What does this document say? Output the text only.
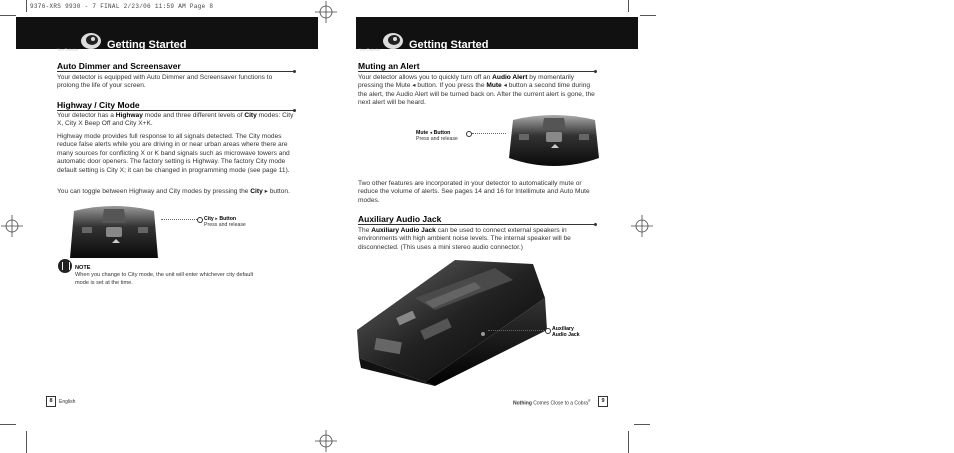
9376-XRS 9930 - 7 FINAL 2/23/06 11:59 AM Page 8
Your Detector	Getting Started
Auto Dimmer and Screensaver
Your detector is equipped with Auto Dimmer and Screensaver functions to prolong the life of your screen.
Highway / City Mode
Your detector has a Highway mode and three different levels of City modes: City X, City X Beep Off and City X+K.
Highway mode provides full response to all signals detected. The City modes reduce false alerts while you are driving in or near urban areas where there are many sources for conflicting X or K band signals such as microwave towers and automatic door openers. The factory setting is Highway. The factory City mode default setting is City X; it can be changed in programming mode (see page 11).
You can toggle between Highway and City modes by pressing the City ▸ button.
City ▸ Button
Press and release
NOTE
When you change to City mode, the unit will enter whichever city default mode is set at the time.
8	English
Your Detector	Getting Started
Muting an Alert
Your detector allows you to quickly turn off an Audio Alert by momentarily pressing the Mute ◂ button. If you press the Mute ◂ button a second time during the alert, the Audio Alert will be turned back on. After the current alert is gone, the next alert will be heard.
Mute ◂ Button
Press and release
Two other features are incorporated in your detector to automatically mute or reduce the volume of alerts. See pages 14 and 16 for Intellimute and Auto Mute modes.
Auxiliary Audio Jack
The Auxiliary Audio Jack can be used to connect external speakers in environments with high ambient noise levels. The internal speaker will be disconnected. (This uses a mini stereo audio connector.)
Auxiliary
Audio Jack
Nothing Comes Close to a Cobra®	9
